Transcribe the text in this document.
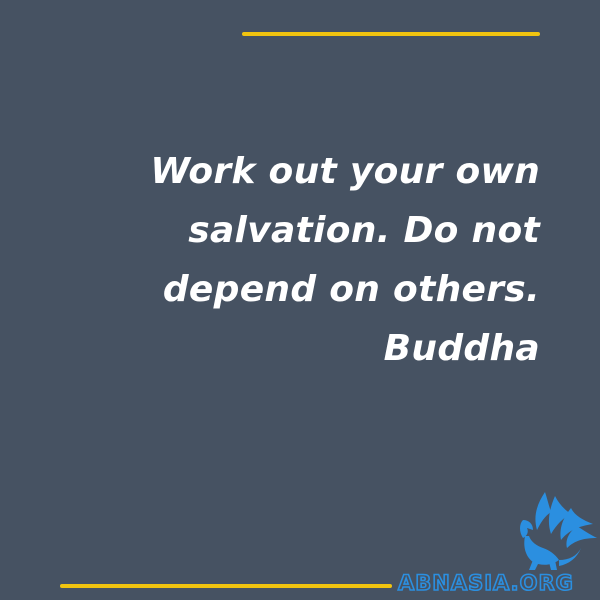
Work out your own
salvation. Do not
depend on others.
Buddha
ABNASIA.ORG
